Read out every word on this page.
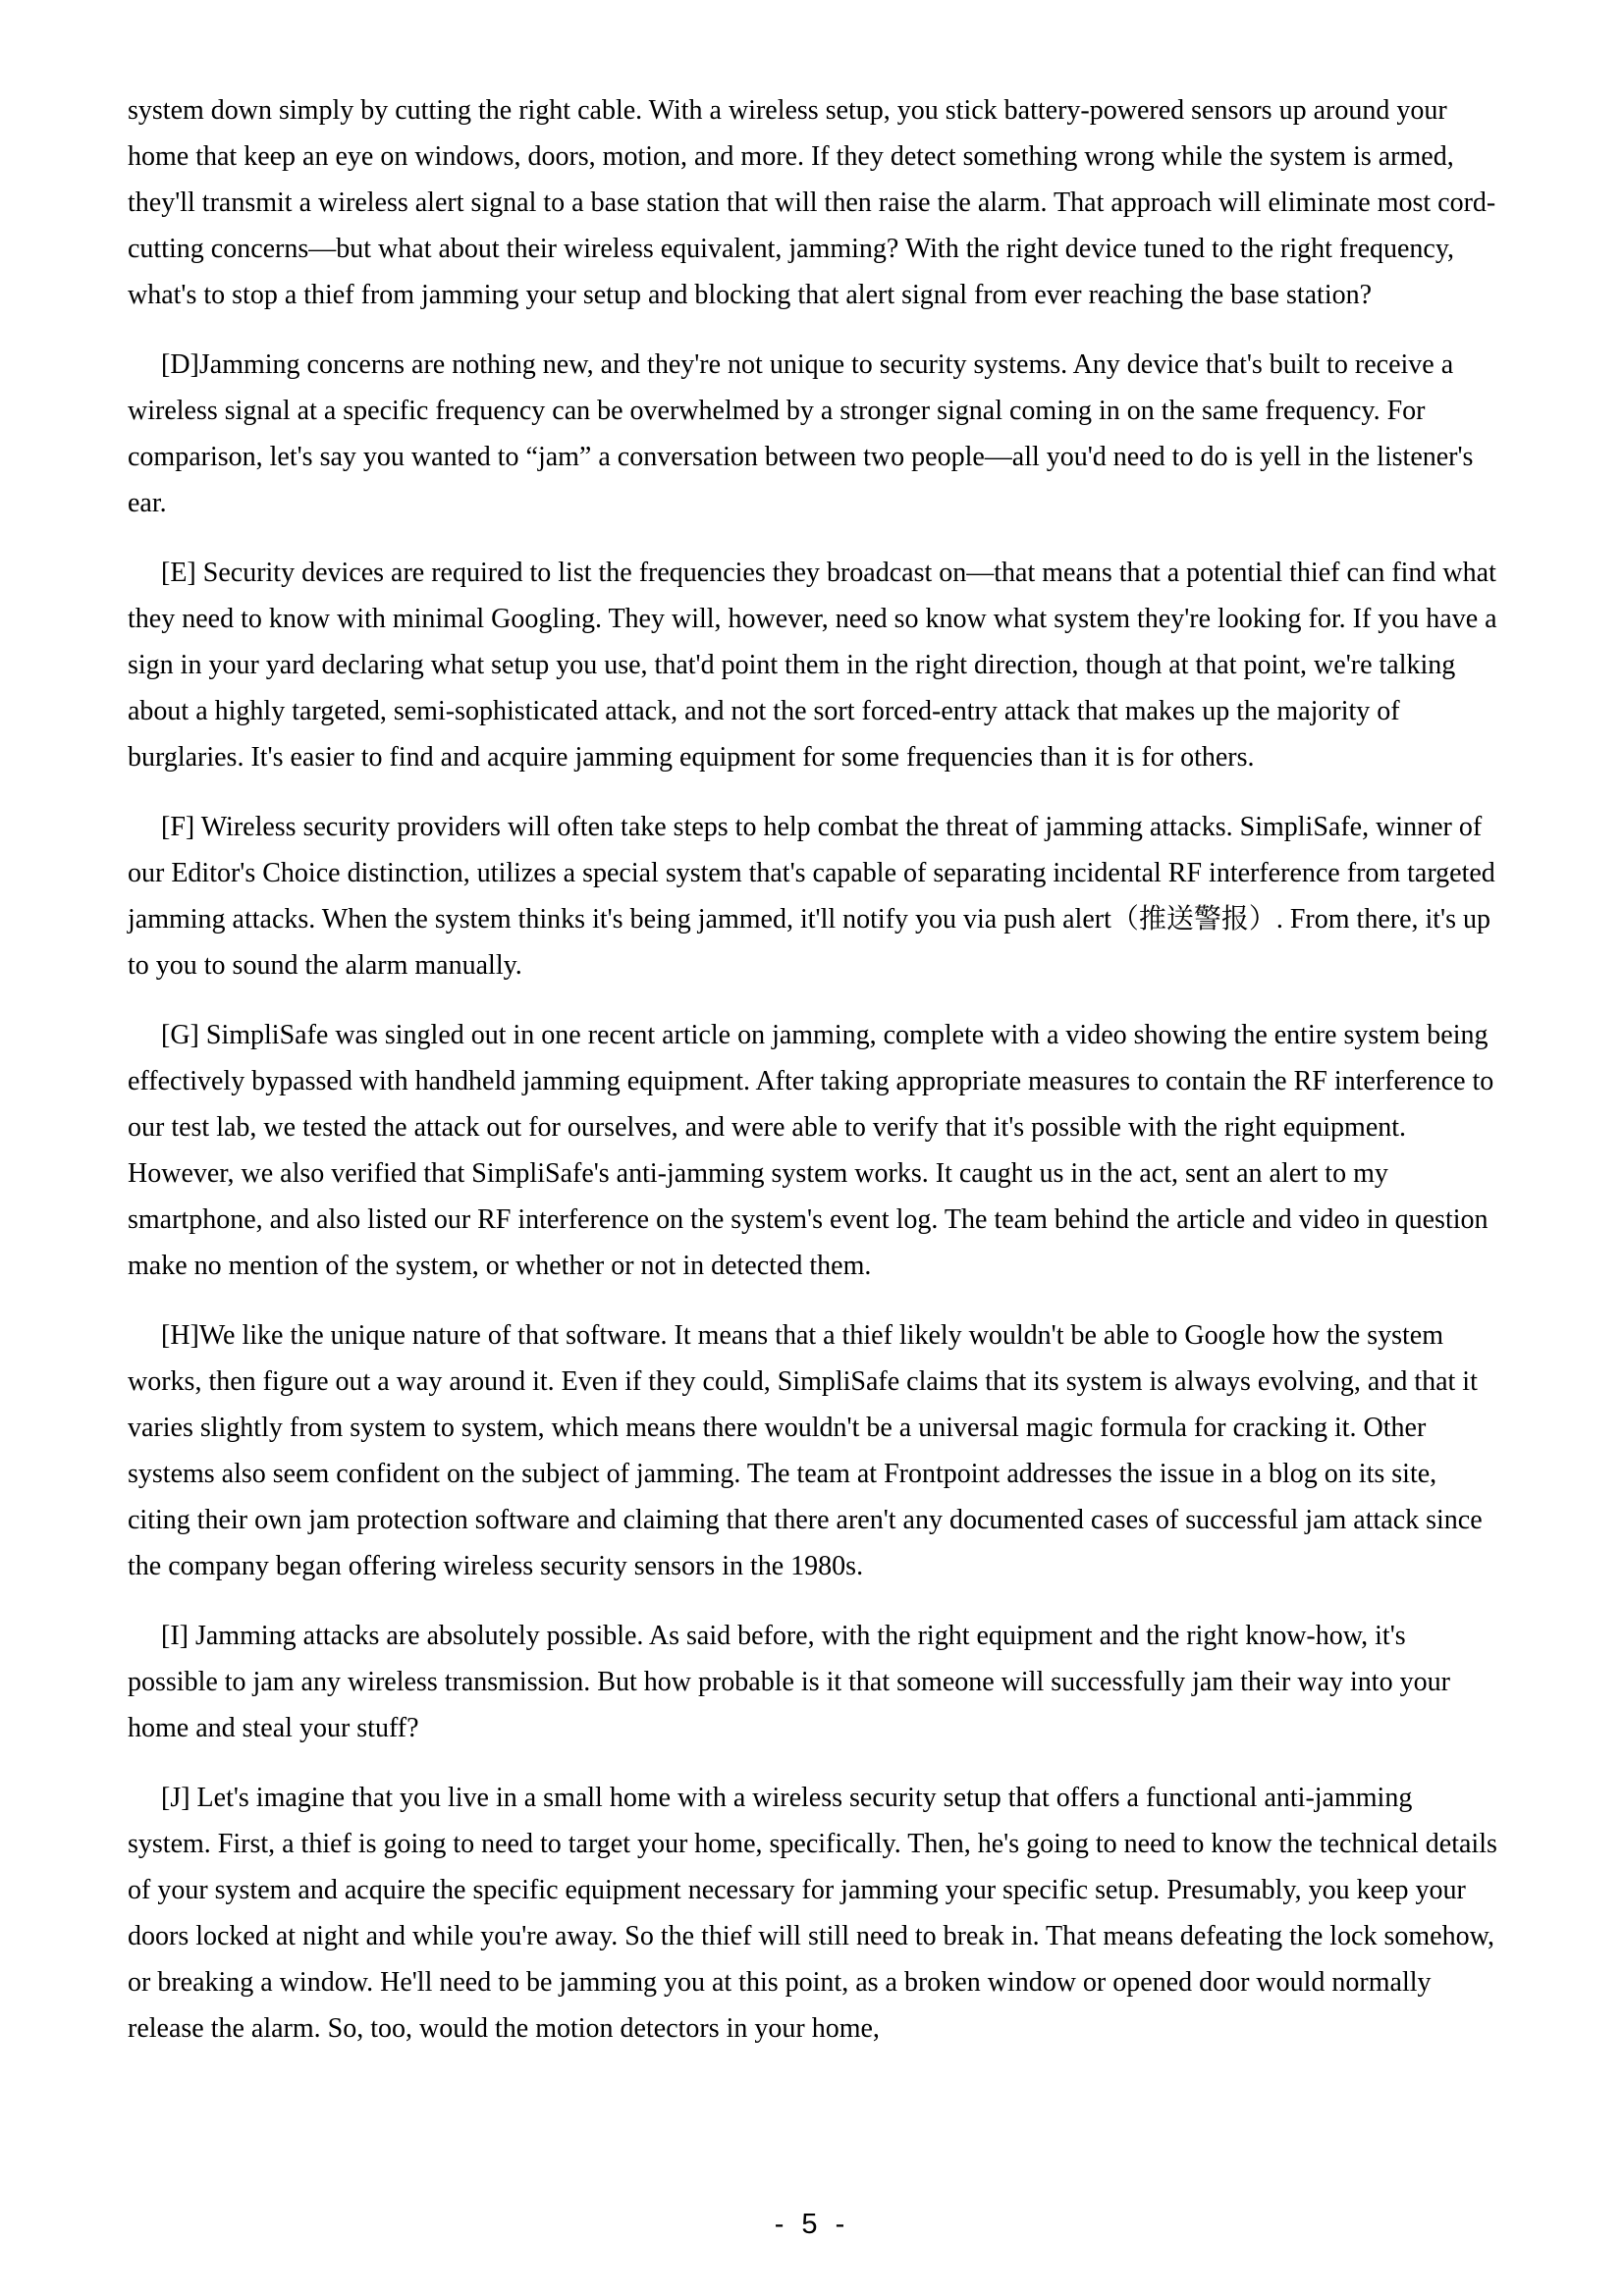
system down simply by cutting the right cable. With a wireless setup, you stick battery-powered sensors up around your home that keep an eye on windows, doors, motion, and more. If they detect something wrong while the system is armed, they'll transmit a wireless alert signal to a base station that will then raise the alarm. That approach will eliminate most cord-cutting concerns—but what about their wireless equivalent, jamming? With the right device tuned to the right frequency, what's to stop a thief from jamming your setup and blocking that alert signal from ever reaching the base station?

[D]Jamming concerns are nothing new, and they're not unique to security systems. Any device that's built to receive a wireless signal at a specific frequency can be overwhelmed by a stronger signal coming in on the same frequency. For comparison, let's say you wanted to “jam” a conversation between two people—all you'd need to do is yell in the listener's ear.

[E] Security devices are required to list the frequencies they broadcast on—that means that a potential thief can find what they need to know with minimal Googling. They will, however, need so know what system they're looking for. If you have a sign in your yard declaring what setup you use, that'd point them in the right direction, though at that point, we're talking about a highly targeted, semi-sophisticated attack, and not the sort forced-entry attack that makes up the majority of burglaries. It's easier to find and acquire jamming equipment for some frequencies than it is for others.

[F] Wireless security providers will often take steps to help combat the threat of jamming attacks. SimpliSafe, winner of our Editor's Choice distinction, utilizes a special system that's capable of separating incidental RF interference from targeted jamming attacks. When the system thinks it's being jammed, it'll notify you via push alert（推送警报）. From there, it's up to you to sound the alarm manually.

[G] SimpliSafe was singled out in one recent article on jamming, complete with a video showing the entire system being effectively bypassed with handheld jamming equipment. After taking appropriate measures to contain the RF interference to our test lab, we tested the attack out for ourselves, and were able to verify that it's possible with the right equipment. However, we also verified that SimpliSafe's anti-jamming system works. It caught us in the act, sent an alert to my smartphone, and also listed our RF interference on the system's event log. The team behind the article and video in question make no mention of the system, or whether or not in detected them.

[H]We like the unique nature of that software. It means that a thief likely wouldn't be able to Google how the system works, then figure out a way around it. Even if they could, SimpliSafe claims that its system is always evolving, and that it varies slightly from system to system, which means there wouldn't be a universal magic formula for cracking it. Other systems also seem confident on the subject of jamming. The team at Frontpoint addresses the issue in a blog on its site, citing their own jam protection software and claiming that there aren't any documented cases of successful jam attack since the company began offering wireless security sensors in the 1980s.

[I] Jamming attacks are absolutely possible. As said before, with the right equipment and the right know-how, it's possible to jam any wireless transmission. But how probable is it that someone will successfully jam their way into your home and steal your stuff?

[J] Let's imagine that you live in a small home with a wireless security setup that offers a functional anti-jamming system. First, a thief is going to need to target your home, specifically. Then, he's going to need to know the technical details of your system and acquire the specific equipment necessary for jamming your specific setup. Presumably, you keep your doors locked at night and while you're away. So the thief will still need to break in. That means defeating the lock somehow, or breaking a window. He'll need to be jamming you at this point, as a broken window or opened door would normally release the alarm. So, too, would the motion detectors in your home,

- 5 -
